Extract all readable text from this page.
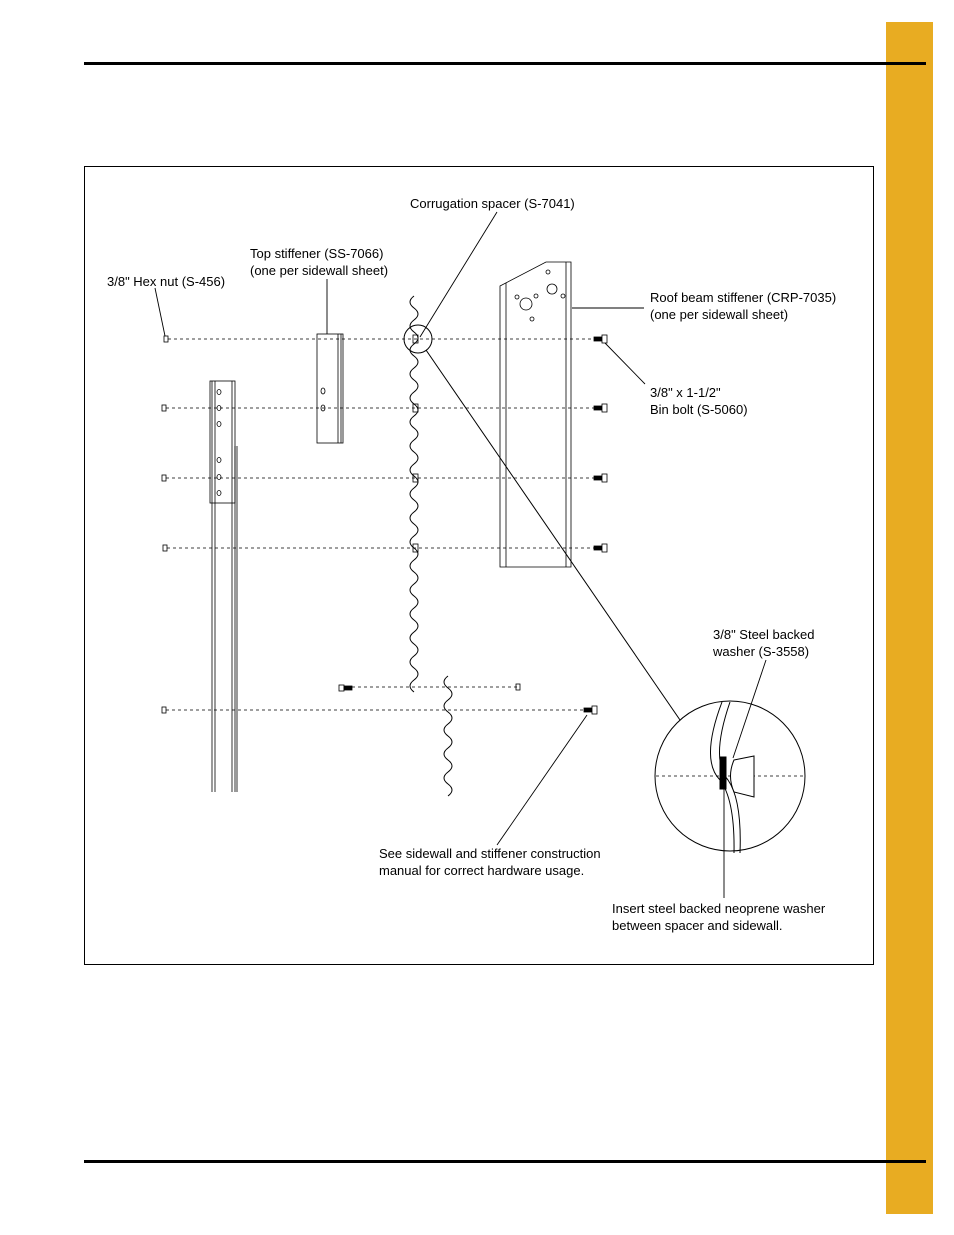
Corrugation spacer (S-7041)

Top stiffener (SS-7066)
(one per sidewall sheet)

3/8" Hex nut (S-456)

Roof beam stiffener (CRP-7035)
(one per sidewall sheet)

3/8" x 1-1/2"
Bin bolt (S-5060)

3/8" Steel backed
washer (S-3558)

See sidewall and stiffener construction
manual for correct hardware usage.

Insert steel backed neoprene washer
between spacer and sidewall.
